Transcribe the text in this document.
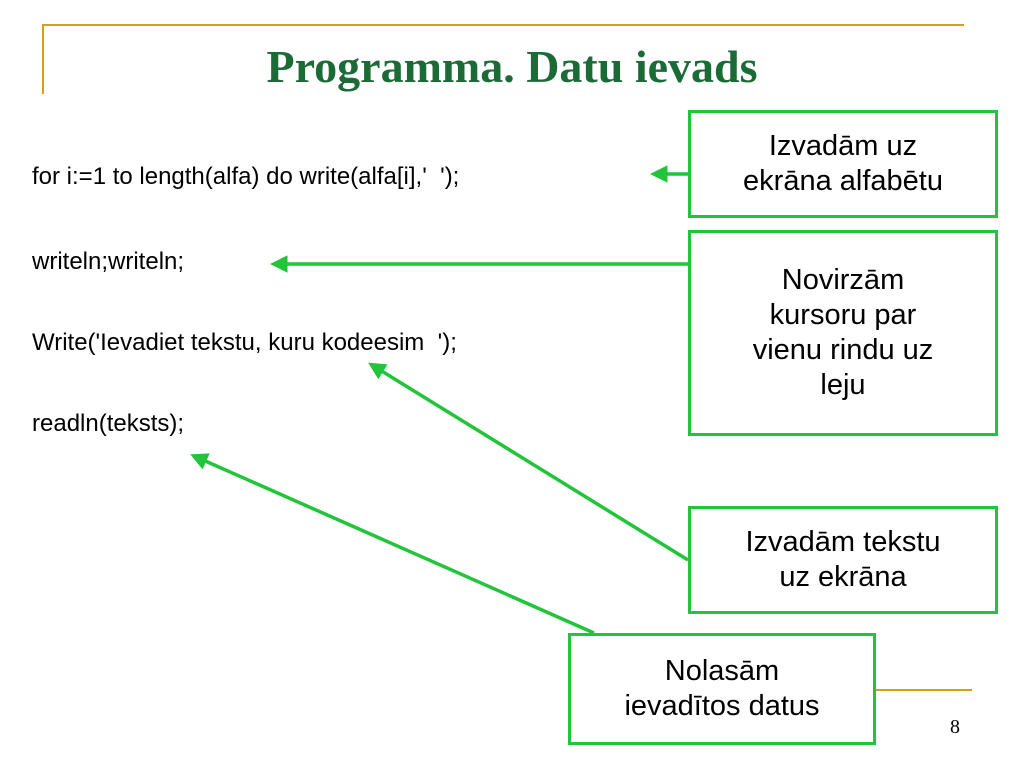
Programma. Datu ievads
for i:=1 to length(alfa) do write(alfa[i],'  ');
writeln;writeln;
Write('Ievadiet tekstu, kuru kodeesim  ');
readln(teksts);
Izvadām uz
ekrāna alfabētu
Novirzām
kursoru par
vienu rindu uz
leju
Izvadām tekstu
uz ekrāna
Nolasām
ievadītos datus
8
